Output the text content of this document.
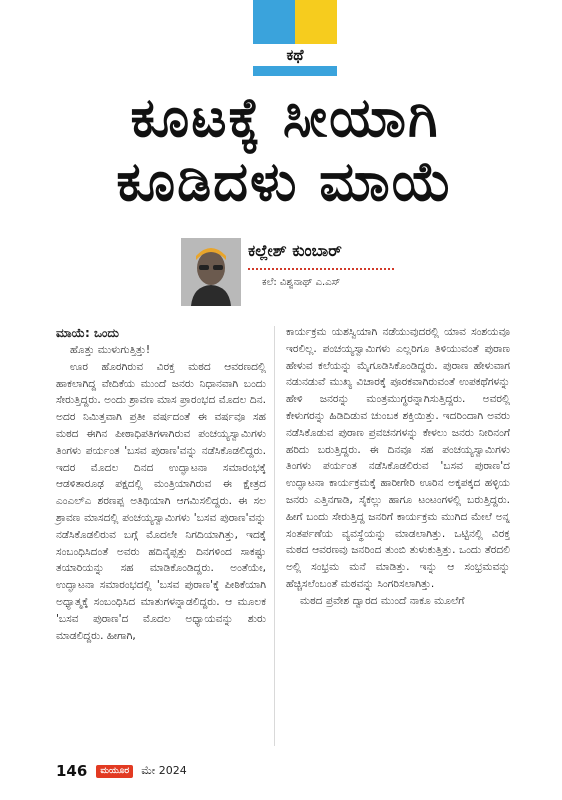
ಕಥೆ
ಕೂಟಕ್ಕೆ ಸೀಯಾಗಿ
ಕೂಡಿದಳು ಮಾಯೆ
ಕಲ್ಲೇಶ್ ಕುಂಬಾರ್
ಕಲೆ: ವಿಶ್ವನಾಥ್ ಎ.ಎಸ್

ಮಾಯೆ: ಒಂದು

ಹೊತ್ತು ಮುಳುಗುತ್ತಿತ್ತು!

ಊರ ಹೊರಗಿರುವ ವಿರಕ್ತ ಮಠದ ಆವರಣದಲ್ಲಿ ಹಾಕಲಾಗಿದ್ದ ವೇದಿಕೆಯ ಮುಂದೆ ಜನರು ನಿಧಾನವಾಗಿ ಬಂದು ಸೇರುತ್ತಿದ್ದರು. ಅಂದು ಶ್ರಾವಣ ಮಾಸ ಪ್ರಾರಂಭದ ಮೊದಲ ದಿನ. ಅದರ ನಿಮಿತ್ತವಾಗಿ ಪ್ರತೀ ವರ್ಷದಂತೆ ಈ ವರ್ಷವೂ ಸಹ ಮಠದ ಈಗಿನ ಪೀಠಾಧಿಪತಿಗಳಾಗಿರುವ ಪಂಚಯ್ಯಸ್ವಾಮಿಗಳು ತಿಂಗಳು ಪರ್ಯಂತ 'ಬಸವ ಪುರಾಣ'ವನ್ನು ನಡೆಸಿಕೊಡಲಿದ್ದರು. ಇದರ ಮೊದಲ ದಿನದ ಉದ್ಘಾಟನಾ ಸಮಾರಂಭಕ್ಕೆ ಆಡಳಿತಾರೂಢ ಪಕ್ಷದಲ್ಲಿ ಮಂತ್ರಿಯಾಗಿರುವ ಈ ಕ್ಷೇತ್ರದ ಎಂಎಲ್ಎ ಶರಣಪ್ಪ ಅತಿಥಿಯಾಗಿ ಆಗಮಿಸಲಿದ್ದರು. ಈ ಸಲ ಶ್ರಾವಣ ಮಾಸದಲ್ಲಿ ಪಂಚಯ್ಯಸ್ವಾಮಿಗಳು 'ಬಸವ ಪುರಾಣ'ವನ್ನು ನಡೆಸಿಕೊಡಲಿರುವ ಬಗ್ಗೆ ಮೊದಲೇ ನಿಗದಿಯಾಗಿತ್ತು, ಇದಕ್ಕೆ ಸಂಬಂಧಿಸಿದಂತೆ ಅವರು ಹದಿನೈಪ್ಪತ್ತು ದಿನಗಳಿಂದ ಸಾಕಷ್ಟು ತಯಾರಿಯನ್ನು ಸಹ ಮಾಡಿಕೊಂಡಿದ್ದರು. ಅಂತೆಯೇ, ಉದ್ಘಾಟನಾ ಸಮಾರಂಭದಲ್ಲಿ 'ಬಸವ ಪುರಾಣ'ಕ್ಕೆ ಪೀಠಿಕೆಯಾಗಿ ಅಧ್ಯಾತ್ಮಕ್ಕೆ ಸಂಬಂಧಿಸಿದ ಮಾತುಗಳನ್ನಾಡಲಿದ್ದರು. ಆ ಮೂಲಕ 'ಬಸವ ಪುರಾಣ'ದ ಮೊದಲ ಅಧ್ಯಾಯವನ್ನು ಶುರು ಮಾಡಲಿದ್ದರು. ಹೀಗಾಗಿ,

ಕಾರ್ಯಕ್ರಮ ಯಶಸ್ವಿಯಾಗಿ ನಡೆಯುವುದರಲ್ಲಿ ಯಾವ ಸಂಶಯವೂ ಇರಲಿಲ್ಲ. ಪಂಚಯ್ಯಸ್ವಾಮಿಗಳು ಎಲ್ಲರಿಗೂ ತಿಳಿಯುವಂತೆ ಪುರಾಣ ಹೇಳುವ ಕಲೆಯನ್ನು ಮೈಗೂಡಿಸಿಕೊಂಡಿದ್ದರು. ಪುರಾಣ ಹೇಳುವಾಗ ನಡುನಡುವೆ ಮುಖ್ಯ ವಿಚಾರಕ್ಕೆ ಪೂರಕವಾಗಿರುವಂತೆ ಉಪಕಥೆಗಳನ್ನು ಹೇಳಿ ಜನರನ್ನು ಮಂತ್ರಮುಗ್ಧರನ್ನಾಗಿಸುತ್ತಿದ್ದರು. ಅವರಲ್ಲಿ ಕೇಳುಗರನ್ನು ಹಿಡಿದಿಡುವ ಚುಂಬಕ ಶಕ್ತಿಯಿತ್ತು. ಇದರಿಂದಾಗಿ ಅವರು ನಡೆಸಿಕೊಡುವ ಪುರಾಣ ಪ್ರವಚನಗಳನ್ನು ಕೇಳಲು ಜನರು ನೀರಿನಂಗೆ ಹರಿದು ಬರುತ್ತಿದ್ದರು. ಈ ದಿನವೂ ಸಹ ಪಂಚಯ್ಯಸ್ವಾಮಿಗಳು ತಿಂಗಳು ಪರ್ಯಂತ ನಡೆಸಿಕೊಡಲಿರುವ 'ಬಸವ ಪುರಾಣ'ದ ಉದ್ಘಾಟನಾ ಕಾರ್ಯಕ್ರಮಕ್ಕೆ ಹಾರೀಗೇರಿ ಊರಿನ ಅಕ್ಕಪಕ್ಕದ ಹಳ್ಳಿಯ ಜನರು ಎತ್ತಿನಗಾಡಿ, ಸೈಕಲ್ಲು ಹಾಗೂ ಟಂಟಂಗಳಲ್ಲಿ ಬರುತ್ತಿದ್ದರು. ಹೀಗೆ ಬಂದು ಸೇರುತ್ತಿದ್ದ ಜನರಿಗೆ ಕಾರ್ಯಕ್ರಮ ಮುಗಿದ ಮೇಲೆ ಅನ್ನ ಸಂತರ್ಪಣೆಯ ವ್ಯವಸ್ಥೆಯನ್ನು ಮಾಡಲಾಗಿತ್ತು. ಒಟ್ಟಿನಲ್ಲಿ ವಿರಕ್ತ ಮಠದ ಆವರಣವು ಜನರಿಂದ ತುಂಬಿ ತುಳುಕುತ್ತಿತ್ತು. ಒಂದು ತೆರದಲಿ ಅಲ್ಲಿ ಸಂಭ್ರಮ ಮನೆ ಮಾಡಿತ್ತು. ಇನ್ನು ಆ ಸಂಭ್ರಮವನ್ನು ಹೆಚ್ಚಿಸಲೆಂಬಂತೆ ಮಠವನ್ನು ಸಿಂಗರಿಸಲಾಗಿತ್ತು.

ಮಠದ ಪ್ರವೇಶ ದ್ವಾರದ ಮುಂದೆ ನಾಕೂ ಮೂಲೆಗೆ

146 ಮಯೂರ ಮೇ 2024
